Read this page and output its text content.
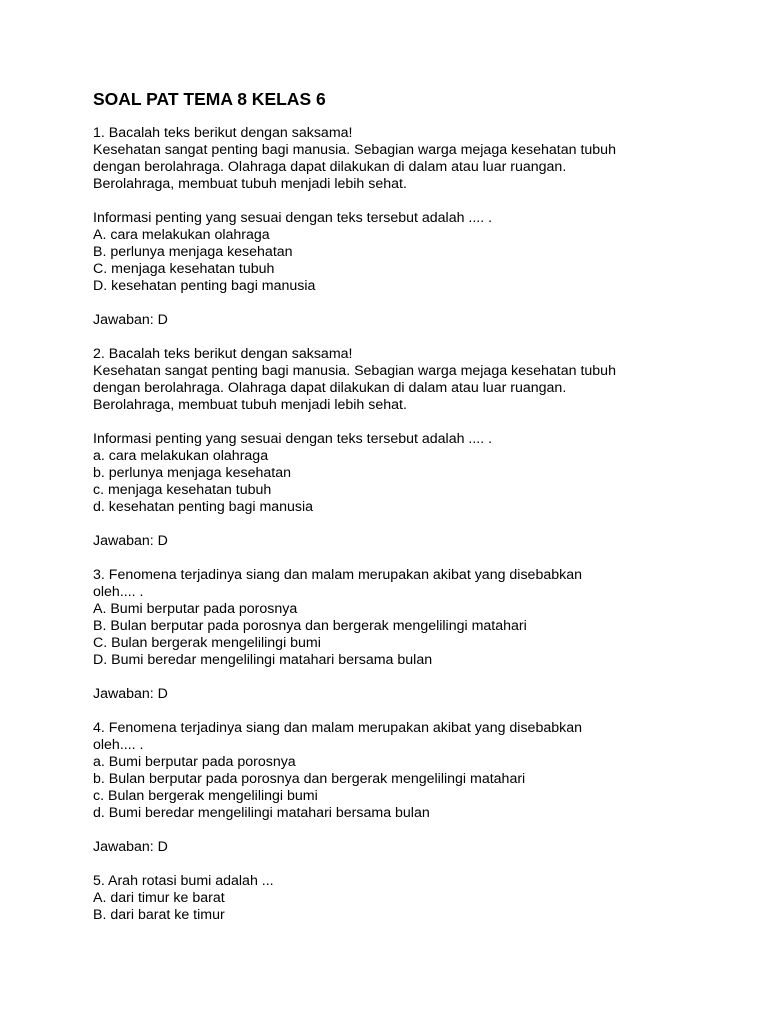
SOAL PAT TEMA 8 KELAS 6
1. Bacalah teks berikut dengan saksama!
Kesehatan sangat penting bagi manusia. Sebagian warga mejaga kesehatan tubuh
dengan berolahraga. Olahraga dapat dilakukan di dalam atau luar ruangan.
Berolahraga, membuat tubuh menjadi lebih sehat.
Informasi penting yang sesuai dengan teks tersebut adalah .... .
A. cara melakukan olahraga
B. perlunya menjaga kesehatan
C. menjaga kesehatan tubuh
D. kesehatan penting bagi manusia
Jawaban: D
2. Bacalah teks berikut dengan saksama!
Kesehatan sangat penting bagi manusia. Sebagian warga mejaga kesehatan tubuh
dengan berolahraga. Olahraga dapat dilakukan di dalam atau luar ruangan.
Berolahraga, membuat tubuh menjadi lebih sehat.
Informasi penting yang sesuai dengan teks tersebut adalah .... .
a. cara melakukan olahraga
b. perlunya menjaga kesehatan
c. menjaga kesehatan tubuh
d. kesehatan penting bagi manusia
Jawaban: D
3. Fenomena terjadinya siang dan malam merupakan akibat yang disebabkan
oleh.... .
A. Bumi berputar pada porosnya
B. Bulan berputar pada porosnya dan bergerak mengelilingi matahari
C. Bulan bergerak mengelilingi bumi
D. Bumi beredar mengelilingi matahari bersama bulan
Jawaban: D
4. Fenomena terjadinya siang dan malam merupakan akibat yang disebabkan
oleh.... .
a. Bumi berputar pada porosnya
b. Bulan berputar pada porosnya dan bergerak mengelilingi matahari
c. Bulan bergerak mengelilingi bumi
d. Bumi beredar mengelilingi matahari bersama bulan
Jawaban: D
5. Arah rotasi bumi adalah ...
A. dari timur ke barat
B. dari barat ke timur
